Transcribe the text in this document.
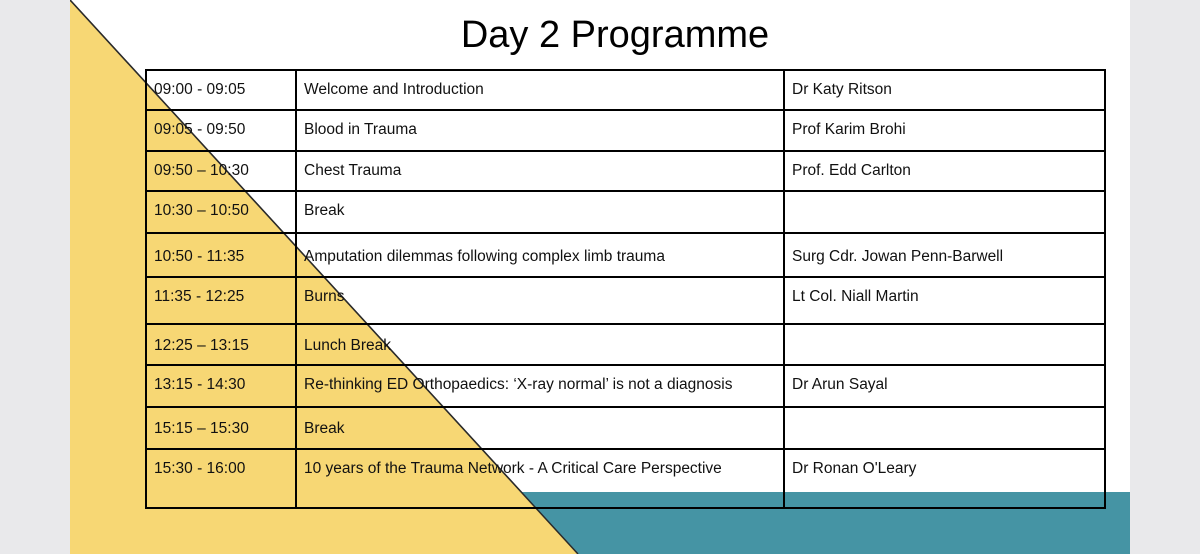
Day 2 Programme
09:00 - 09:05	Welcome and Introduction	Dr Katy Ritson
09:05 - 09:50	Blood in Trauma	Prof Karim Brohi
09:50 – 10:30	Chest Trauma	Prof. Edd Carlton
10:30 – 10:50	Break	
10:50 - 11:35	Amputation dilemmas following complex limb trauma	Surg Cdr. Jowan Penn-Barwell
11:35 - 12:25	Burns	Lt Col. Niall Martin
12:25 – 13:15	Lunch Break	
13:15 - 14:30	Re-thinking ED Orthopaedics: ‘X-ray normal’ is not a diagnosis	Dr Arun Sayal
15:15 – 15:30	Break	
15:30 - 16:00	10 years of the Trauma Network - A Critical Care Perspective	Dr Ronan O'Leary
